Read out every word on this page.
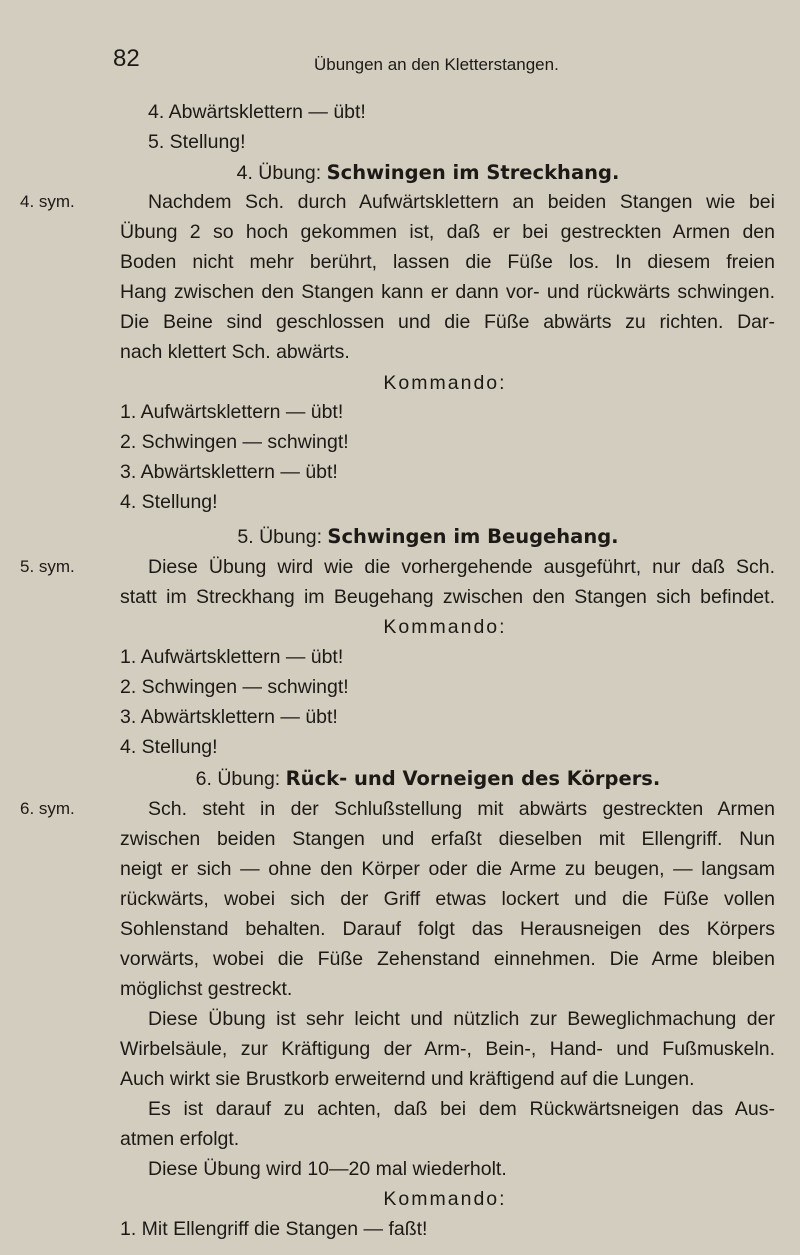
82	Übungen an den Kletterstangen.
4. Abwärtsklettern — übt!
5. Stellung!
4. Übung: Schwingen im Streckhang.
4. sym.	Nachdem Sch. durch Aufwärtsklettern an beiden Stangen wie bei
Übung 2 so hoch gekommen ist, daß er bei gestreckten Armen den
Boden nicht mehr berührt, lassen die Füße los. In diesem freien
Hang zwischen den Stangen kann er dann vor- und rückwärts schwingen.
Die Beine sind geschlossen und die Füße abwärts zu richten. Dar-
nach klettert Sch. abwärts.
Kommando:
1. Aufwärtsklettern — übt!
2. Schwingen — schwingt!
3. Abwärtsklettern — übt!
4. Stellung!
5. Übung: Schwingen im Beugehang.
5. sym.	Diese Übung wird wie die vorhergehende ausgeführt, nur daß Sch.
statt im Streckhang im Beugehang zwischen den Stangen sich befindet.
Kommando:
1. Aufwärtsklettern — übt!
2. Schwingen — schwingt!
3. Abwärtsklettern — übt!
4. Stellung!
6. Übung: Rück- und Vorneigen des Körpers.
6. sym.	Sch. steht in der Schlußstellung mit abwärts gestreckten Armen
zwischen beiden Stangen und erfaßt dieselben mit Ellengriff. Nun
neigt er sich — ohne den Körper oder die Arme zu beugen, — langsam
rückwärts, wobei sich der Griff etwas lockert und die Füße vollen
Sohlenstand behalten. Darauf folgt das Herausneigen des Körpers
vorwärts, wobei die Füße Zehenstand einnehmen. Die Arme bleiben
möglichst gestreckt.
Diese Übung ist sehr leicht und nützlich zur Beweglichmachung der
Wirbelsäule, zur Kräftigung der Arm-, Bein-, Hand- und Fußmuskeln.
Auch wirkt sie Brustkorb erweiternd und kräftigend auf die Lungen.
Es ist darauf zu achten, daß bei dem Rückwärtsneigen das Aus-
atmen erfolgt.
Diese Übung wird 10—20 mal wiederholt.
Kommando:
1. Mit Ellengriff die Stangen — faßt!
